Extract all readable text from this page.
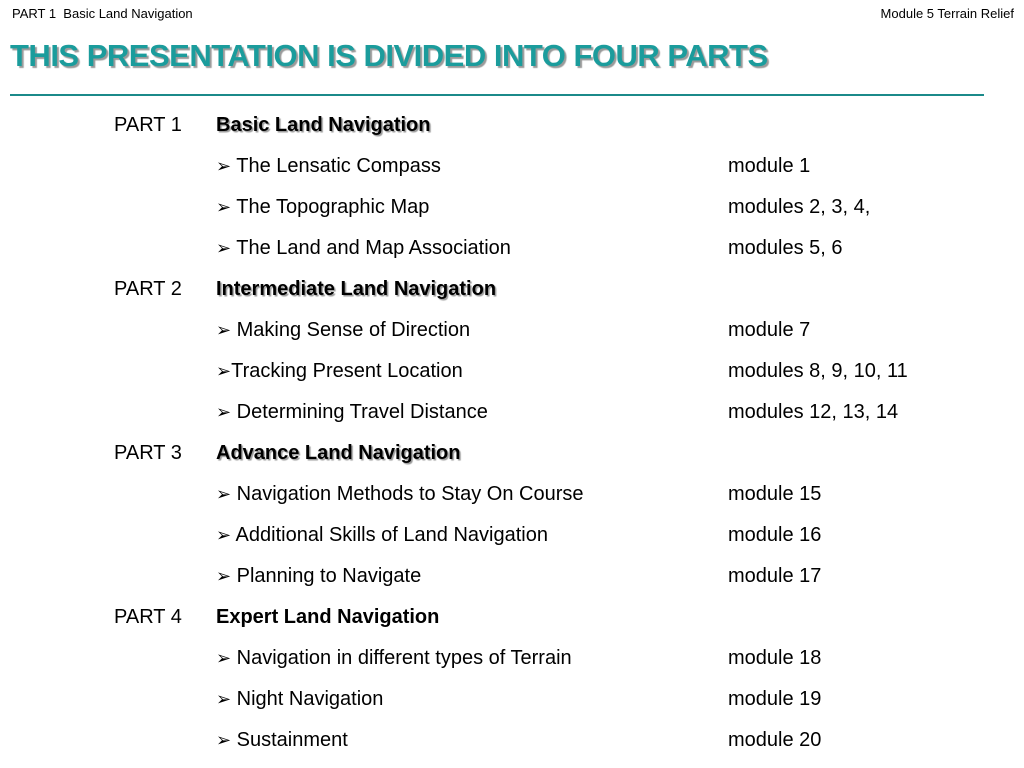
PART 1  Basic Land Navigation	Module 5 Terrain Relief
THIS PRESENTATION IS DIVIDED INTO FOUR PARTS
PART 1 Basic Land Navigation
➢ The Lensatic Compass	module 1
➢ The Topographic Map	modules 2, 3, 4,
➢ The Land and Map Association	modules 5, 6
PART 2 Intermediate Land Navigation
➢ Making Sense of Direction	module 7
➢Tracking Present Location	modules 8, 9, 10, 11
➢ Determining Travel Distance	modules 12, 13, 14
PART 3 Advance Land Navigation
➢ Navigation Methods to Stay On Course	module 15
➢ Additional Skills of Land Navigation	module 16
➢ Planning to Navigate	module 17
PART 4 Expert Land Navigation
➢ Navigation in different types of Terrain	module 18
➢ Night Navigation	module 19
➢ Sustainment	module 20
